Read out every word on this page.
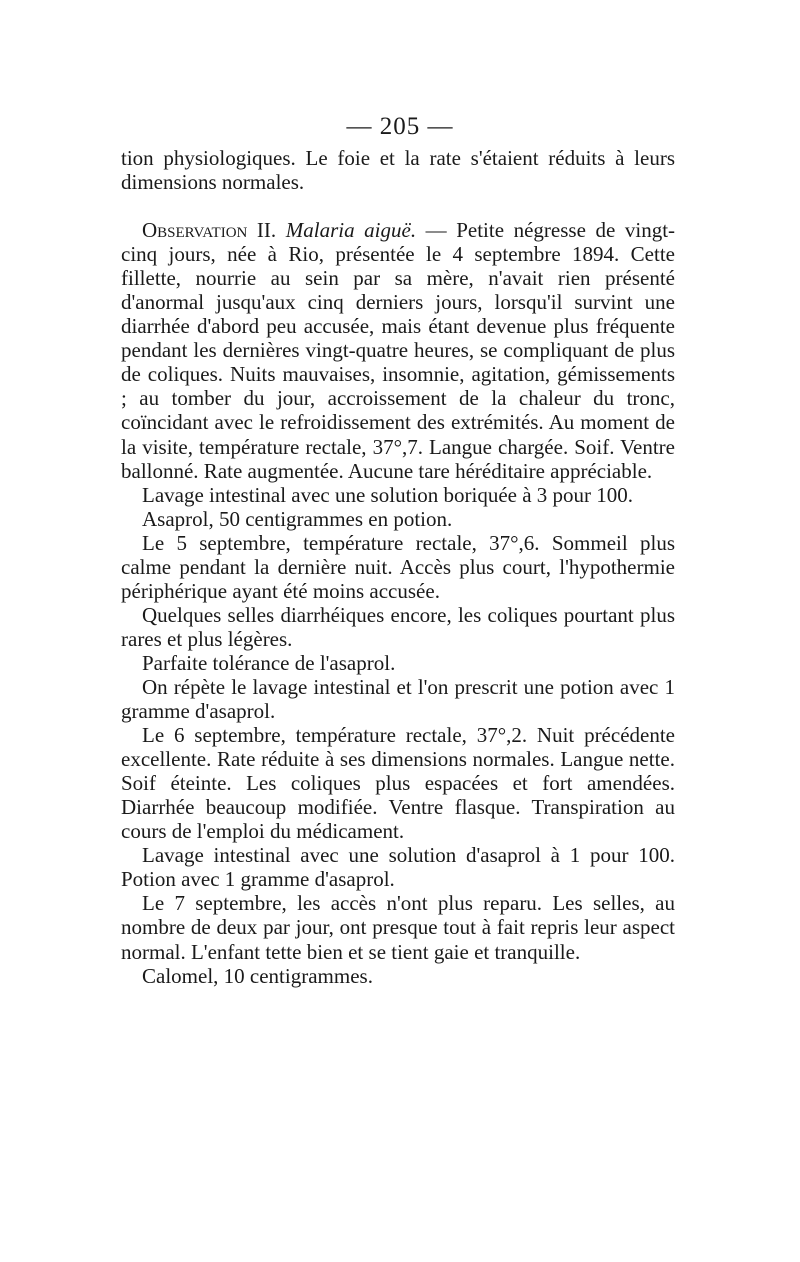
— 205 —

tion physiologiques. Le foie et la rate s'étaient réduits à leurs dimensions normales.

Observation II. Malaria aiguë. — Petite négresse de vingt-cinq jours, née à Rio, présentée le 4 septembre 1894. Cette fillette, nourrie au sein par sa mère, n'avait rien présenté d'anormal jusqu'aux cinq derniers jours, lorsqu'il survint une diarrhée d'abord peu accusée, mais étant devenue plus fréquente pendant les dernières vingt-quatre heures, se compliquant de plus de coliques. Nuits mauvaises, insomnie, agitation, gémissements ; au tomber du jour, accroissement de la chaleur du tronc, coïncidant avec le refroidissement des extrémités. Au moment de la visite, température rectale, 37°,7. Langue chargée. Soif. Ventre ballonné. Rate augmentée. Aucune tare héréditaire appréciable.

Lavage intestinal avec une solution boriquée à 3 pour 100.

Asaprol, 50 centigrammes en potion.

Le 5 septembre, température rectale, 37°,6. Sommeil plus calme pendant la dernière nuit. Accès plus court, l'hypothermie périphérique ayant été moins accusée.

Quelques selles diarrhéiques encore, les coliques pourtant plus rares et plus légères.

Parfaite tolérance de l'asaprol.

On répète le lavage intestinal et l'on prescrit une potion avec 1 gramme d'asaprol.

Le 6 septembre, température rectale, 37°,2. Nuit précédente excellente. Rate réduite à ses dimensions normales. Langue nette. Soif éteinte. Les coliques plus espacées et fort amendées. Diarrhée beaucoup modifiée. Ventre flasque. Transpiration au cours de l'emploi du médicament.

Lavage intestinal avec une solution d'asaprol à 1 pour 100. Potion avec 1 gramme d'asaprol.

Le 7 septembre, les accès n'ont plus reparu. Les selles, au nombre de deux par jour, ont presque tout à fait repris leur aspect normal. L'enfant tette bien et se tient gaie et tranquille.

Calomel, 10 centigrammes.
